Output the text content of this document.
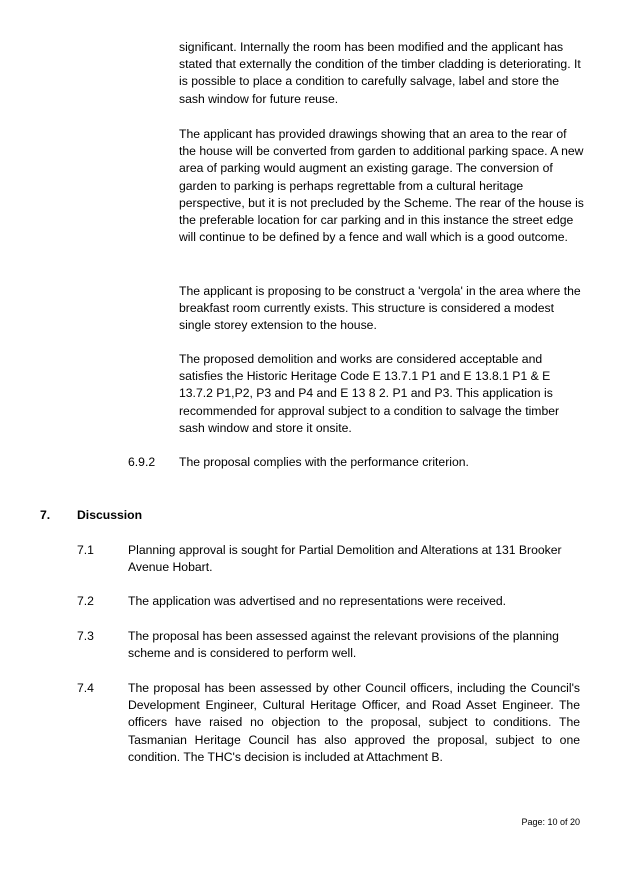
significant. Internally the room has been modified and the applicant has stated that externally the condition of the timber cladding is deteriorating. It is possible to place a condition to carefully salvage, label and store the sash window for future reuse.

The applicant has provided drawings showing that an area to the rear of the house will be converted from garden to additional parking space. A new area of parking would augment an existing garage. The conversion of garden to parking is perhaps regrettable from a cultural heritage perspective, but it is not precluded by the Scheme. The rear of the house is the preferable location for car parking and in this instance the street edge will continue to be defined by a fence and wall which is a good outcome.

The applicant is proposing to be construct a 'vergola' in the area where the breakfast room currently exists. This structure is considered a modest single storey extension to the house.

The proposed demolition and works are considered acceptable and satisfies the Historic Heritage Code E 13.7.1 P1 and E 13.8.1 P1 & E 13.7.2 P1,P2, P3 and P4 and E 13 8 2. P1 and P3. This application is recommended for approval subject to a condition to salvage the timber sash window and store it onsite.

6.9.2 The proposal complies with the performance criterion.

7. Discussion

7.1	Planning approval is sought for Partial Demolition and Alterations at 131 Brooker Avenue Hobart.

7.2	The application was advertised and no representations were received.

7.3	The proposal has been assessed against the relevant provisions of the planning scheme and is considered to perform well.

7.4	The proposal has been assessed by other Council officers, including the Council's Development Engineer, Cultural Heritage Officer, and Road Asset Engineer. The officers have raised no objection to the proposal, subject to conditions. The Tasmanian Heritage Council has also approved the proposal, subject to one condition. The THC's decision is included at Attachment B.

Page: 10 of 20
